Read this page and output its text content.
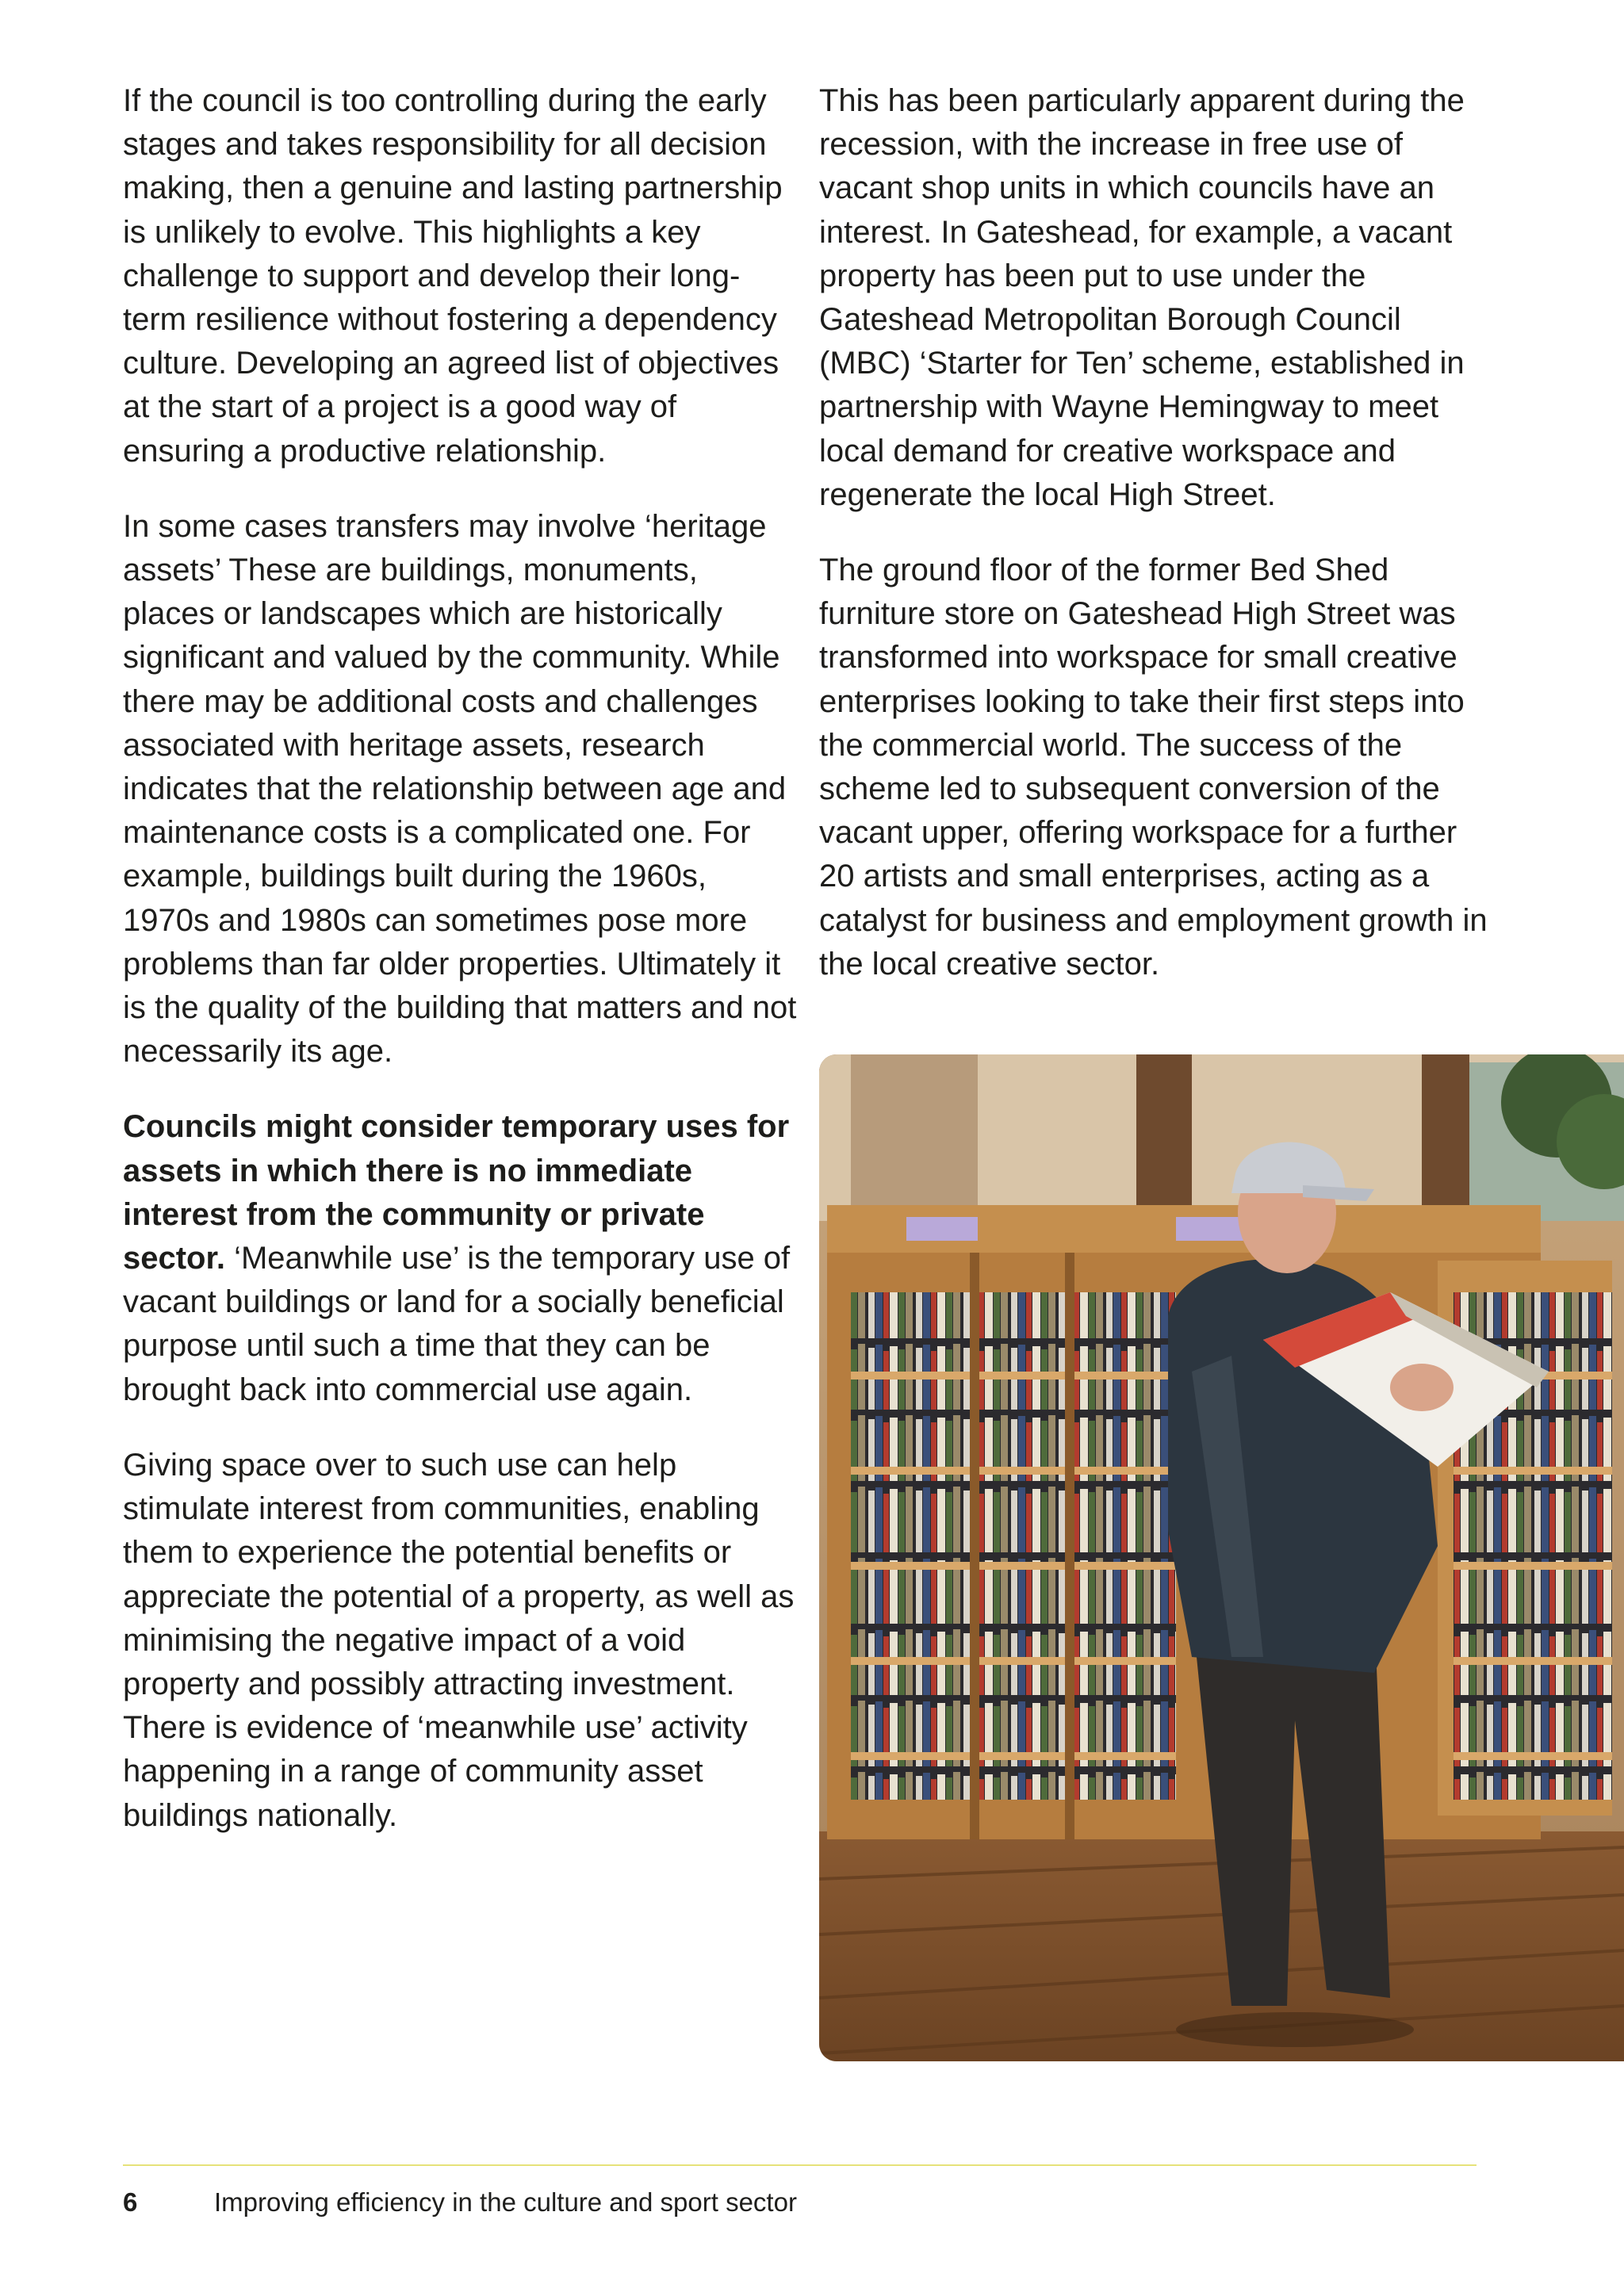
If the council is too controlling during the early stages and takes responsibility for all decision making, then a genuine and lasting partnership is unlikely to evolve. This highlights a key challenge to support and develop their long-term resilience without fostering a dependency culture. Developing an agreed list of objectives at the start of a project is a good way of ensuring a productive relationship.

In some cases transfers may involve ‘heritage assets’ These are buildings, monuments, places or landscapes which are historically significant and valued by the community. While there may be additional costs and challenges associated with heritage assets, research indicates that the relationship between age and maintenance costs is a complicated one. For example, buildings built during the 1960s, 1970s and 1980s can sometimes pose more problems than far older properties. Ultimately it is the quality of the building that matters and not necessarily its age.

Councils might consider temporary uses for assets in which there is no immediate interest from the community or private sector. ‘Meanwhile use’ is the temporary use of vacant buildings or land for a socially beneficial purpose until such a time that they can be brought back into commercial use again.

Giving space over to such use can help stimulate interest from communities, enabling them to experience the potential benefits or appreciate the potential of a property, as well as minimising the negative impact of a void property and possibly attracting investment. There is evidence of ‘meanwhile use’ activity happening in a range of community asset buildings nationally.

This has been particularly apparent during the recession, with the increase in free use of vacant shop units in which councils have an interest. In Gateshead, for example, a vacant property has been put to use under the Gateshead Metropolitan Borough Council (MBC) ‘Starter for Ten’ scheme, established in partnership with Wayne Hemingway to meet local demand for creative workspace and regenerate the local High Street.

The ground floor of the former Bed Shed furniture store on Gateshead High Street was transformed into workspace for small creative enterprises looking to take their first steps into the commercial world. The success of the scheme led to subsequent conversion of the vacant upper, offering workspace for a further 20 artists and small enterprises, acting as a catalyst for business and employment growth in the local creative sector.

6	Improving efficiency in the culture and sport sector
